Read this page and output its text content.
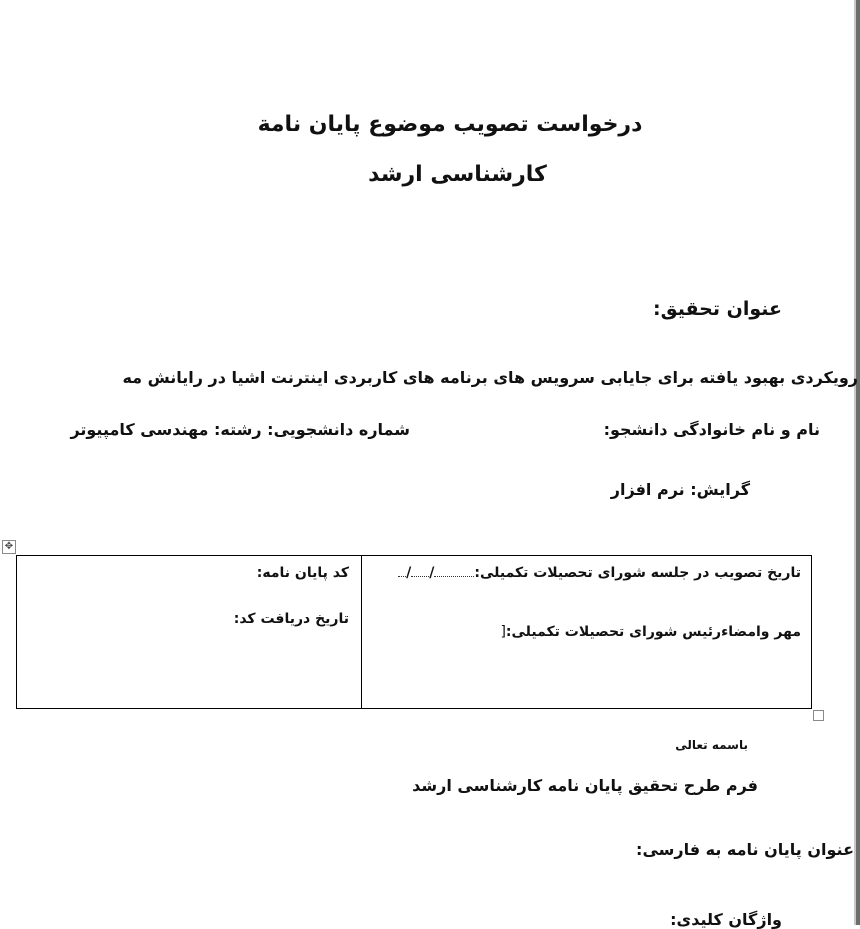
درخواست تصویب موضوع پایان نامة
کارشناسی ارشد
عنوان تحقیق:
رویکردی بهبود یافته برای جایابی سرویس های برنامه های کاربردی اینترنت اشیا در رایانش مه
نام و نام خانوادگی دانشجو:
شماره دانشجویی: رشته: مهندسی کامپیوتر
گرایش: نرم افزار
✥
تاریخ تصویب در جلسه شورای تحصیلات تکمیلی://
مهر وامضاءرئیس شورای تحصیلات تکمیلی:[
کد پایان نامه:
تاریخ دریافت کد:
باسمه تعالی
فرم طرح تحقیق پایان نامه کارشناسی ارشد
عنوان پایان نامه به فارسی:
واژگان کلیدی:
